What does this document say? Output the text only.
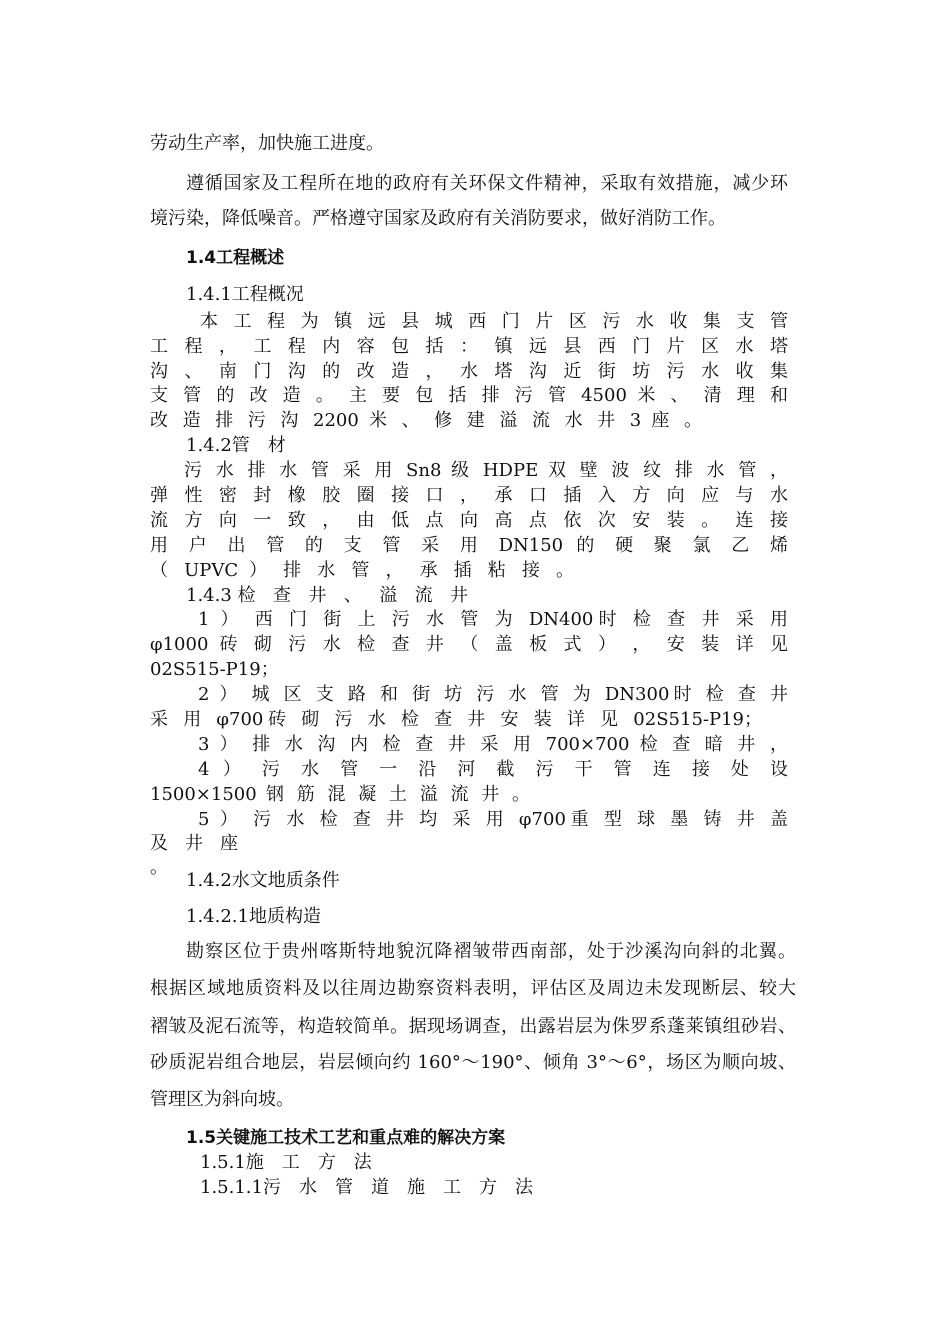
劳动生产率，加快施工进度。

遵循国家及工程所在地的政府有关环保文件精神，采取有效措施，减少环

境污染，降低噪音。严格遵守国家及政府有关消防要求，做好消防工作。

1.4工程概述

1.4.1工程概况

本 工 程 为 镇 远 县 城 西 门 片 区 污 水 收 集 支 管

工 程 ， 工 程 内 容 包 括 ： 镇 远 县 西 门 片 区 水 塔

沟 、 南 门 沟 的 改 造 ， 水 塔 沟 近 街 坊 污 水 收 集

支 管 的 改 造 。 主 要 包 括 排 污 管 4500 米 、 清 理 和

改 造 排 污 沟 2200 米 、 修 建 溢 流 水 井 3 座 。

1.4.2管　材

污 水 排 水 管 采 用 Sn8 级 HDPE 双 壁 波 纹 排 水 管 ，

弹 性 密 封 橡 胶 圈 接 口 ， 承 口 插 入 方 向 应 与 水

流 方 向 一 致 ， 由 低 点 向 高 点 依 次 安 装 。 连 接

用 户 出 管 的 支 管 采 用 DN150 的 硬 聚 氯 乙 烯

（ UPVC ） 排 水 管 ， 承 插 粘 接 。

1.4.3检 查 井 、 溢 流 井

1 ） 西 门 街 上 污 水 管 为 DN400时 检 查 井 采 用

φ1000 砖 砌 污 水 检 查 井 （ 盖 板 式 ） ， 安 装 详 见

02S515-P19；

2 ） 城 区 支 路 和 街 坊 污 水 管 为 DN300时 检 查 井

采 用 φ700砖 砌 污 水 检 查 井 安 装 详 见 02S515-P19；

3 ） 排 水 沟 内 检 查 井 采 用 700×700 检 查 暗 井 ，

4 ） 污 水 管 一 沿 河 截 污 干 管 连 接 处 设

1500×1500 钢 筋 混 凝 土 溢 流 井 。

5 ） 污 水 检 查 井 均 采 用 φ700重 型 球 墨 铸 井 盖

及 井 座 。

1.4.2水文地质条件

1.4.2.1地质构造

勘察区位于贵州喀斯特地貌沉降褶皱带西南部，处于沙溪沟向斜的北翼。

根据区域地质资料及以往周边勘察资料表明，评估区及周边未发现断层、较大

褶皱及泥石流等，构造较简单。据现场调查，出露岩层为侏罗系蓬莱镇组砂岩、

砂质泥岩组合地层，岩层倾向约 160°～190°、倾角 3°～6°，场区为顺向坡、

管理区为斜向坡。

1.5关键施工技术工艺和重点难的解决方案

1.5.1施　工　方　法

1.5.1.1污　水　管　道　施　工　方　法
